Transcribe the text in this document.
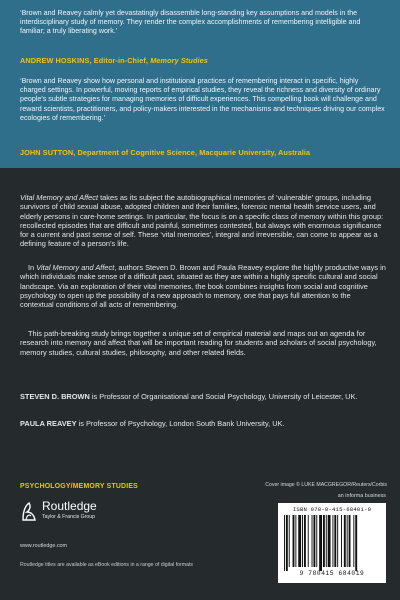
‘Brown and Reavey calmly yet devastatingly disassemble long-standing key assumptions and models in the interdisciplinary study of memory. They render the complex accomplishments of remembering intelligible and familiar; a truly liberating work.’
ANDREW HOSKINS, Editor-in-Chief, Memory Studies
‘Brown and Reavey show how personal and institutional practices of remembering interact in specific, highly charged settings. In powerful, moving reports of empirical studies, they reveal the richness and diversity of ordinary people’s subtle strategies for managing memories of difficult experiences. This compelling book will challenge and reward scientists, practitioners, and policy-makers interested in the mechanisms and techniques driving our complex ecologies of remembering.’
JOHN SUTTON, Department of Cognitive Science, Macquarie University, Australia
Vital Memory and Affect takes as its subject the autobiographical memories of ‘vulnerable’ groups, including survivors of child sexual abuse, adopted children and their families, forensic mental health service users, and elderly persons in care-home settings. In particular, the focus is on a specific class of memory within this group: recollected episodes that are difficult and painful, sometimes contested, but always with enormous significance for a current and past sense of self. These ‘vital memories’, integral and irreversible, can come to appear as a defining feature of a person’s life.
In Vital Memory and Affect, authors Steven D. Brown and Paula Reavey explore the highly productive ways in which individuals make sense of a difficult past, situated as they are within a highly specific cultural and social landscape. Via an exploration of their vital memories, the book combines insights from social and cognitive psychology to open up the possibility of a new approach to memory, one that pays full attention to the contextual conditions of all acts of remembering.
This path-breaking study brings together a unique set of empirical material and maps out an agenda for research into memory and affect that will be important reading for students and scholars of social psychology, memory studies, cultural studies, philosophy, and other related fields.
STEVEN D. BROWN is Professor of Organisational and Social Psychology, University of Leicester, UK.
PAULA REAVEY is Professor of Psychology, London South Bank University, UK.
PSYCHOLOGY/MEMORY STUDIES	Cover image © LUKE MACGREGOR/Reuters/Corbis
an informa business
Routledge
Taylor & Francis Group
www.routledge.com
Routledge titles are available as eBook editions in a range of digital formats
ISBN 978-0-415-68401-9
9 780415 684019
